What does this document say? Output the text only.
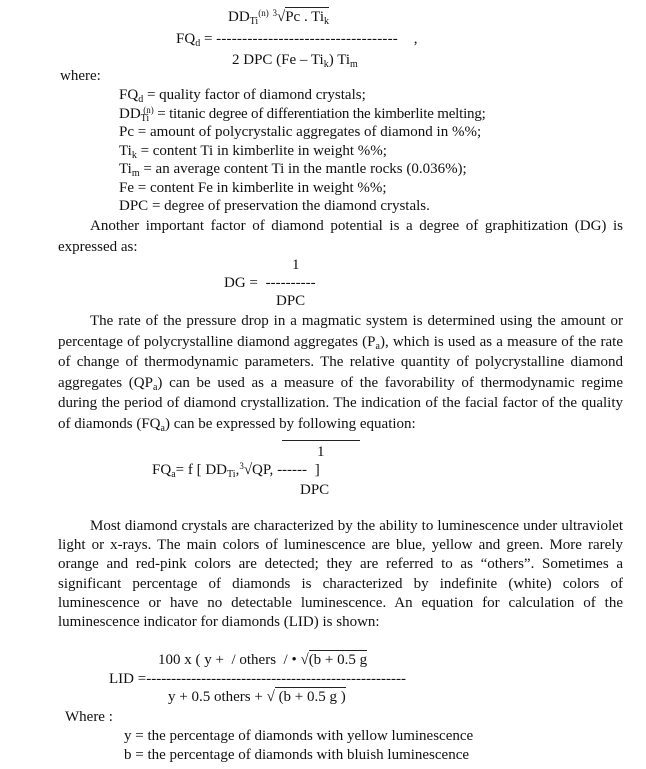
$DD_{Ti}^{(n)}$ $^3$√Pc . $Ti_k$
$FQ_d$ = ----------------------------------- ,
2 DPC $(Fe - Ti_k)$ $Ti_m$
where:
$FQ_d$ = quality factor of diamond crystals;
$DD_{Ti}^{(n)}$ = titanic degree of differentiation the kimberlite melting;
Pc = amount of polycrystalic aggregates of diamond in %%;
$Ti_k$ = content Ti in kimberlite in weight %%;
$Ti_m$ = an average content Ti in the mantle rocks (0.036%);
Fe = content Fe in kimberlite in weight %%;
DPC = degree of preservation the diamond crystals.

Another important factor of diamond potential is a degree of graphitization (DG) is expressed as:

1
DG = ----------
DPC

The rate of the pressure drop in a magmatic system is determined using the amount or percentage of polycrystalline diamond aggregates $(P_a)$, which is used as a measure of the rate of change of thermodynamic parameters. The relative quantity of polycrystalline diamond aggregates $(QP_a)$ can be used as a measure of the favorability of thermodynamic regime during the period of diamond crystallization. The indication of the facial factor of the quality of diamonds $(FQ_a)$ can be expressed by following equation:

1
$FQ_a= f$ [ $DD_{Ti},^3√QP$, ------ ]
DPC

Most diamond crystals are characterized by the ability to luminescence under ultraviolet light or x-rays. The main colors of luminescence are blue, yellow and green. More rarely orange and red-pink colors are detected; they are referred to as “others”. Sometimes a significant percentage of diamonds is characterized by indefinite (white) colors of luminescence or have no detectable luminescence. An equation for calculation of the luminescence indicator for diamonds (LID) is shown:

100 x ( y +  / others  / • √(b + 0.5 g
LID =----------------------------------------------------
y + 0.5 others + √ (b + 0.5 g )
Where :
y = the percentage of diamonds with yellow luminescence
b = the percentage of diamonds with bluish luminescence
